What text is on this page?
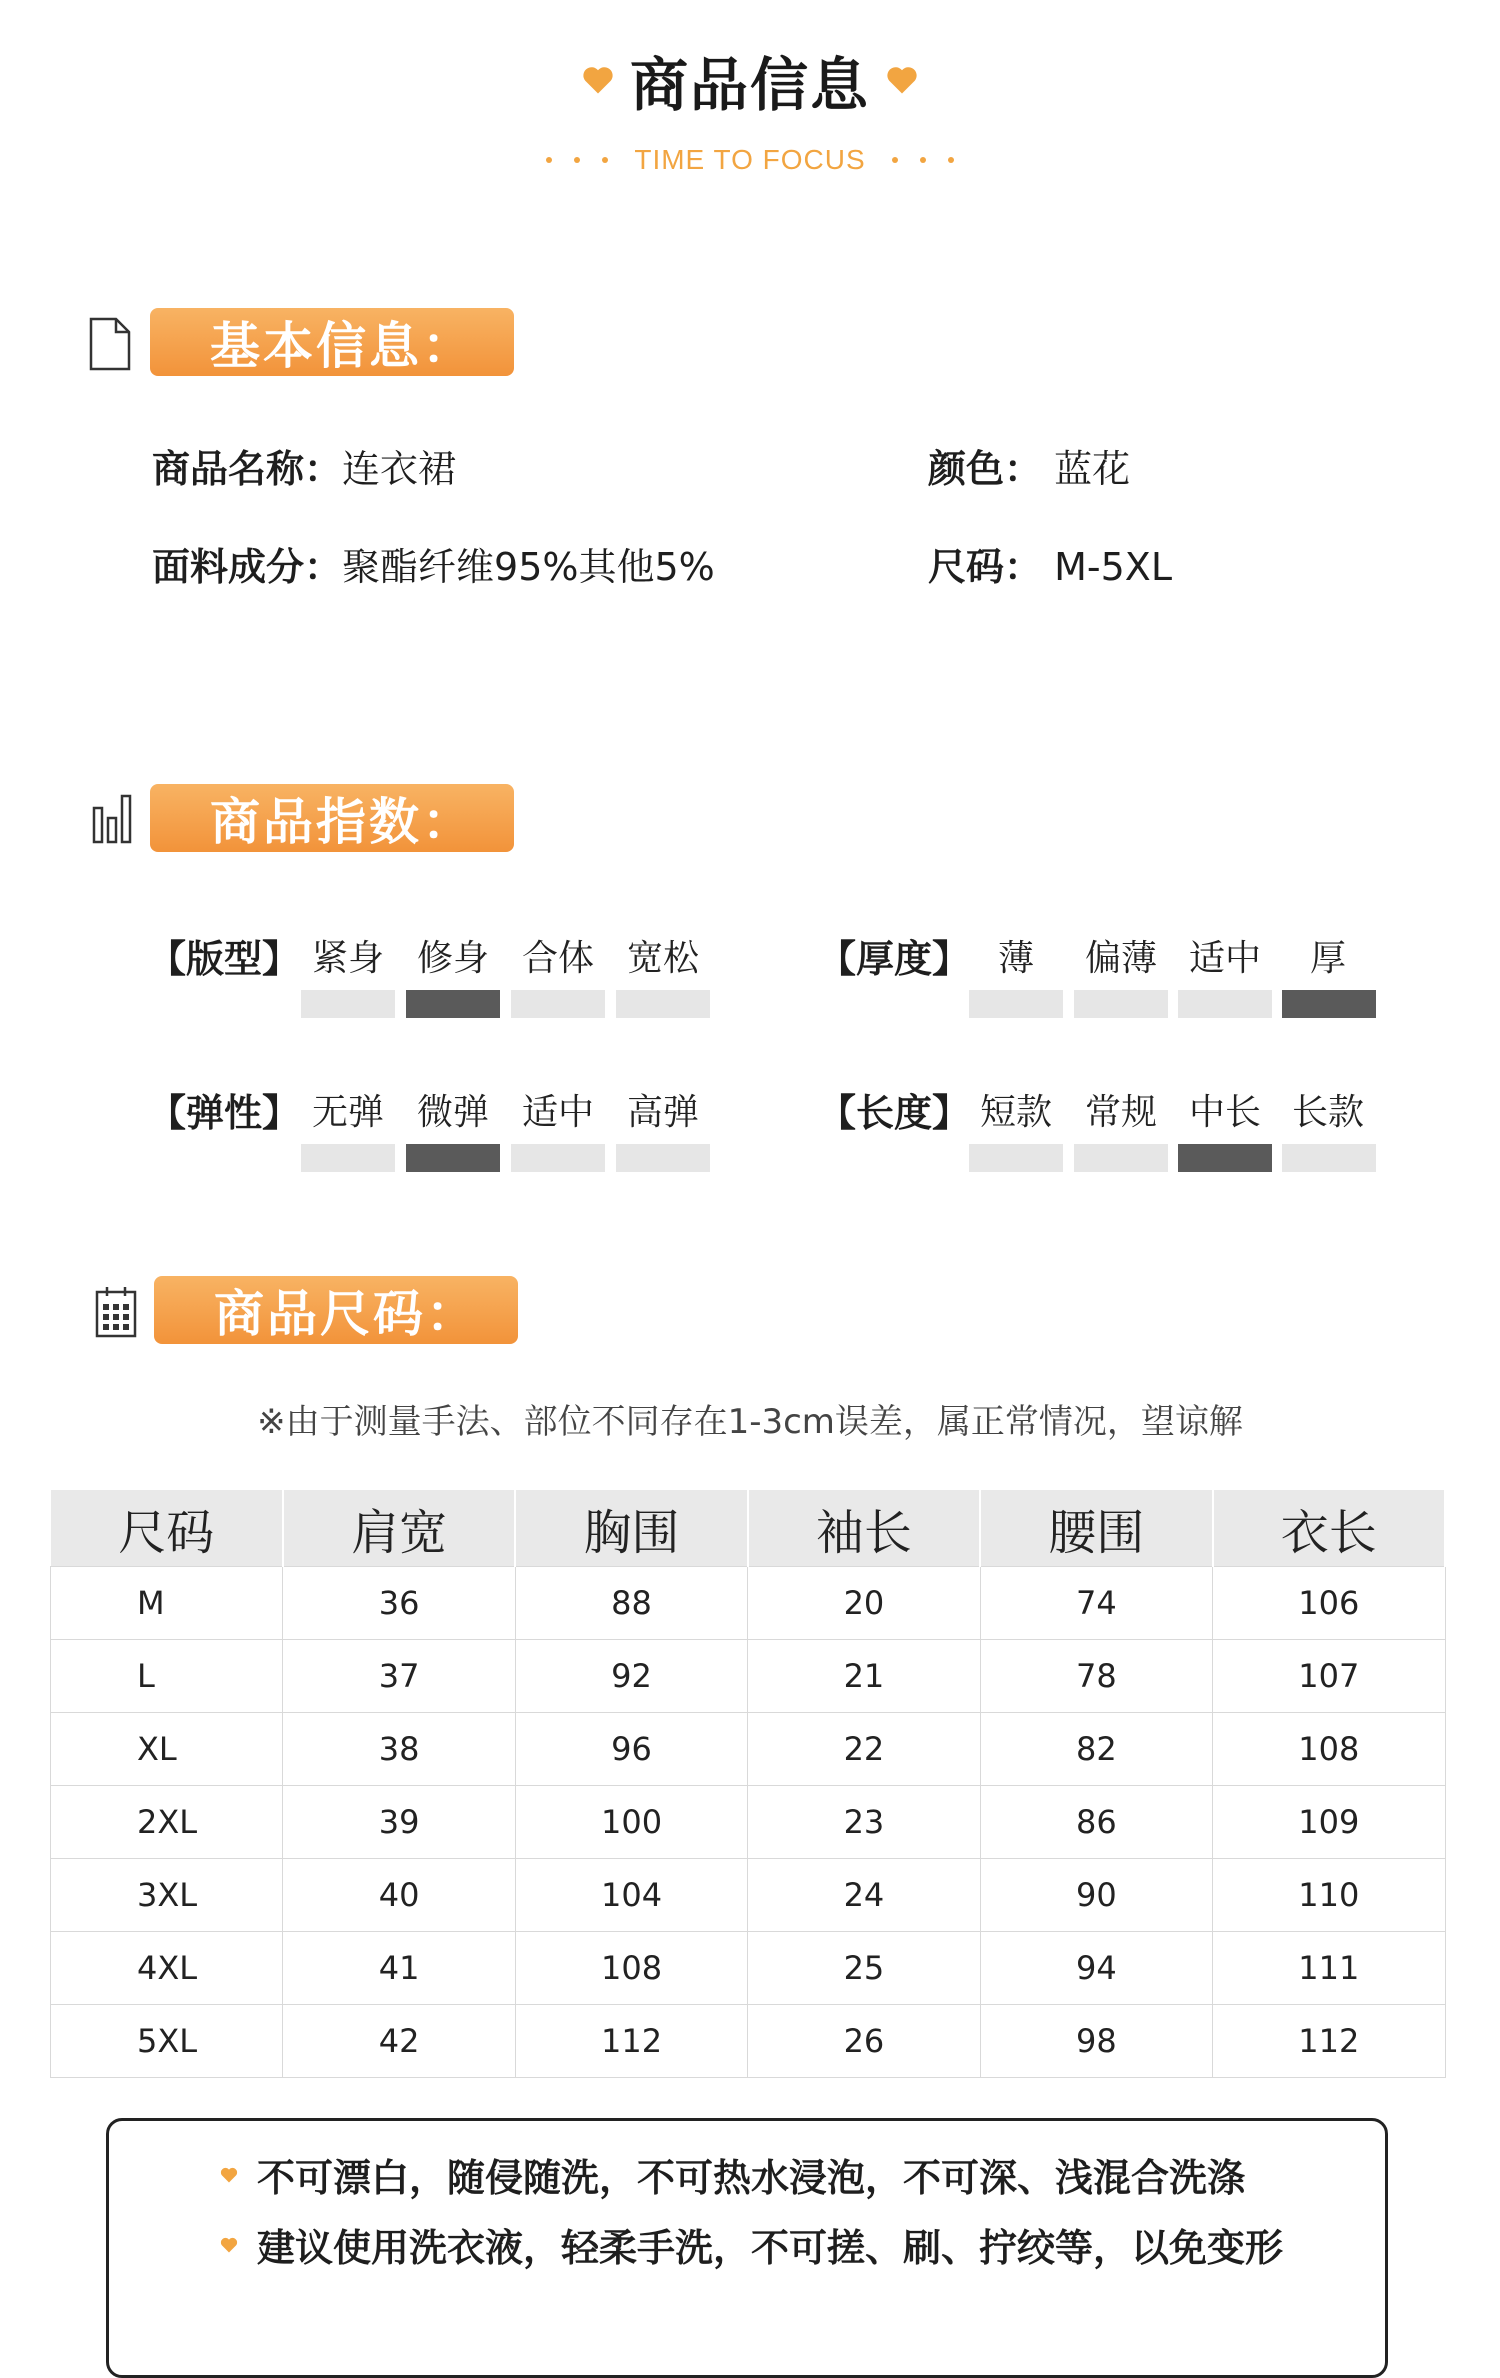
商品信息
TIME TO FOCUS
基本信息：
商品名称：连衣裙	颜色： 蓝花
面料成分：聚酯纤维95%其他5%	尺码： M-5XL
商品指数：
【版型】 紧身 修身 合体 宽松	【厚度】 薄	偏薄 适中	厚
【弹性】 无弹 微弹 适中 高弹	【长度】 短款 常规 中长 长款
商品尺码：
※由于测量手法、部位不同存在1-3cm误差，属正常情况，望谅解
尺码	肩宽	胸围	袖长	腰围	衣长
M	36	88	20	74	106
L	37	92	21	78	107
XL	38	96	22	82	108
2XL	39	100	23	86	109
3XL	40	104	24	90	110
4XL	41	108	25	94	111
5XL	42	112	26	98	112
不可漂白，随侵随洗，不可热水浸泡，不可深、浅混合洗涤
建议使用洗衣液，轻柔手洗，不可搓、刷、拧绞等，以免变形
